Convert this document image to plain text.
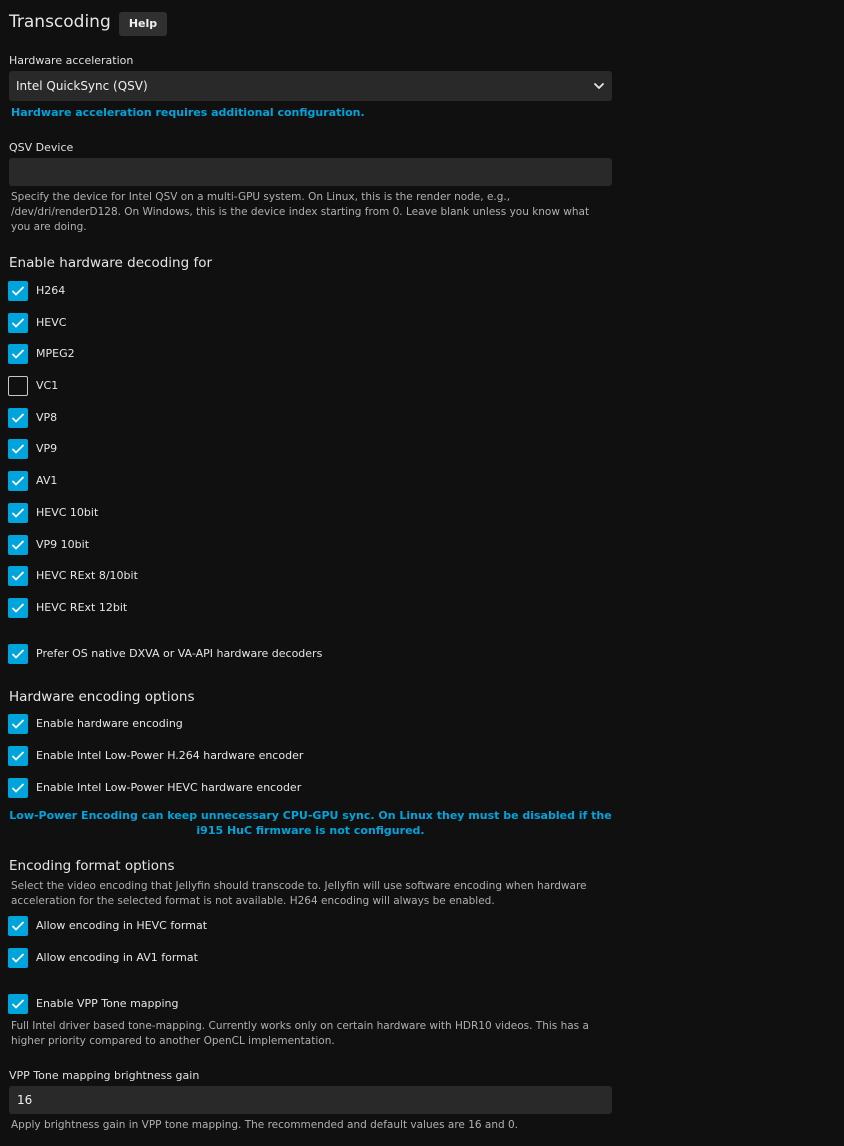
Transcoding	Help
Hardware acceleration
Intel QuickSync (QSV)
Hardware acceleration requires additional configuration.
QSV Device
Specify the device for Intel QSV on a multi-GPU system. On Linux, this is the render node, e.g., /dev/dri/renderD128. On Windows, this is the device index starting from 0. Leave blank unless you know what you are doing.
Enable hardware decoding for
H264
HEVC
MPEG2
VC1
VP8
VP9
AV1
HEVC 10bit
VP9 10bit
HEVC RExt 8/10bit
HEVC RExt 12bit
Prefer OS native DXVA or VA-API hardware decoders
Hardware encoding options
Enable hardware encoding
Enable Intel Low-Power H.264 hardware encoder
Enable Intel Low-Power HEVC hardware encoder
Low-Power Encoding can keep unnecessary CPU-GPU sync. On Linux they must be disabled if the i915 HuC firmware is not configured.
Encoding format options
Select the video encoding that Jellyfin should transcode to. Jellyfin will use software encoding when hardware acceleration for the selected format is not available. H264 encoding will always be enabled.
Allow encoding in HEVC format
Allow encoding in AV1 format
Enable VPP Tone mapping
Full Intel driver based tone-mapping. Currently works only on certain hardware with HDR10 videos. This has a higher priority compared to another OpenCL implementation.
VPP Tone mapping brightness gain
16
Apply brightness gain in VPP tone mapping. The recommended and default values are 16 and 0.
